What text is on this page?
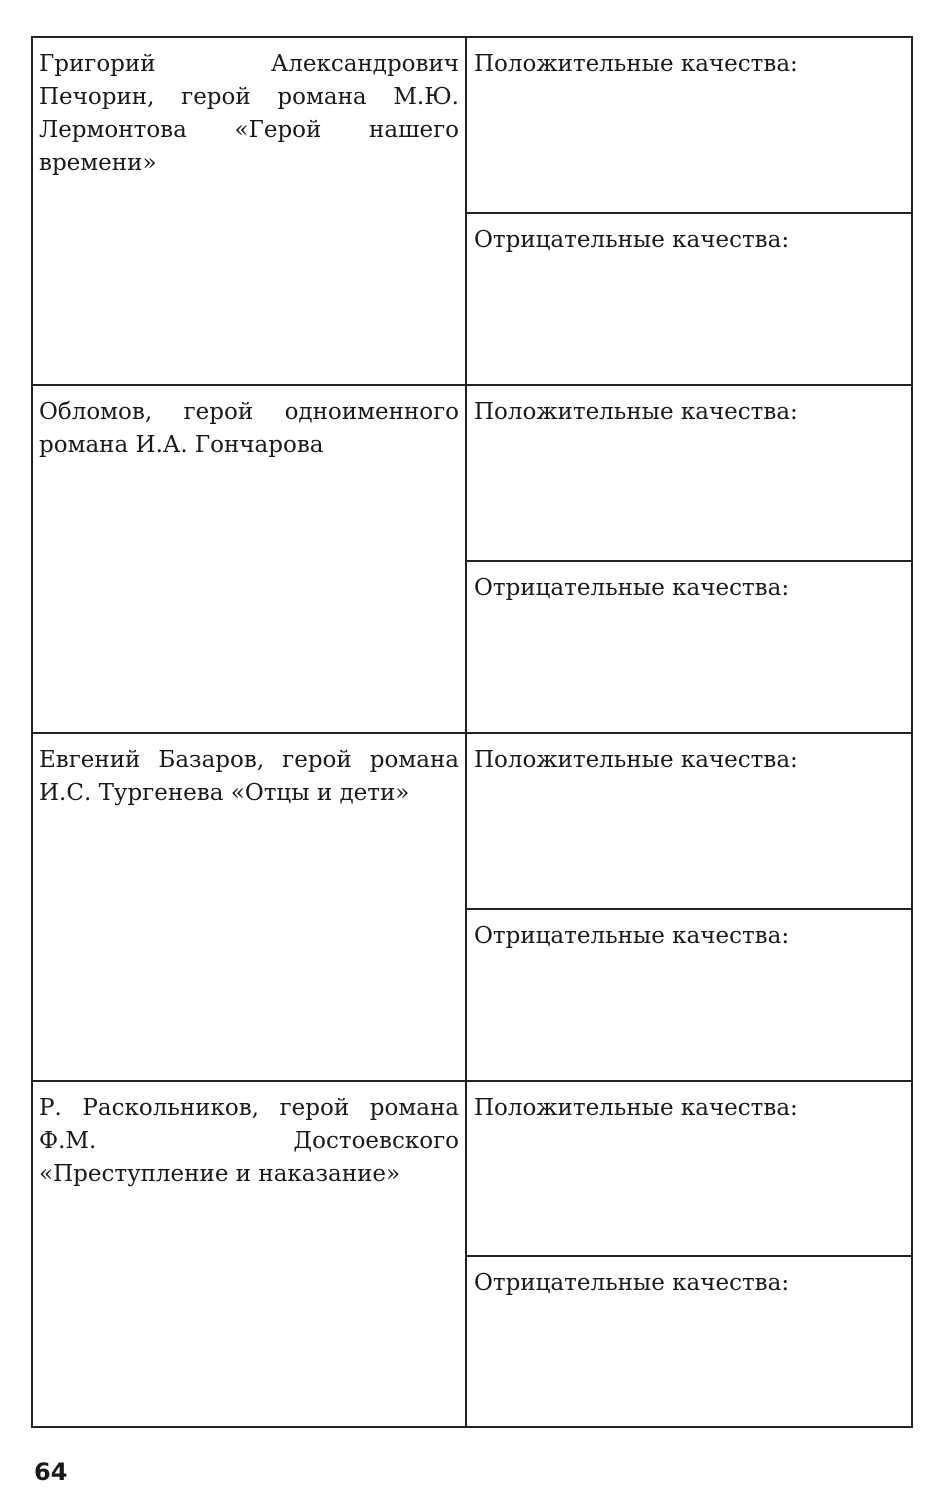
Григорий Александрович Печорин, герой романа М.Ю. Лермонтова «Герой нашего времени»
Положительные качества:
Отрицательные качества:
Обломов, герой одноименного романа И.А. Гончарова
Положительные качества:
Отрицательные качества:
Евгений Базаров, герой романа И.С. Тургенева «Отцы и дети»
Положительные качества:
Отрицательные качества:
Р. Раскольников, герой романа Ф.М. Достоевского «Преступление и наказание»
Положительные качества:
Отрицательные качества:
64
